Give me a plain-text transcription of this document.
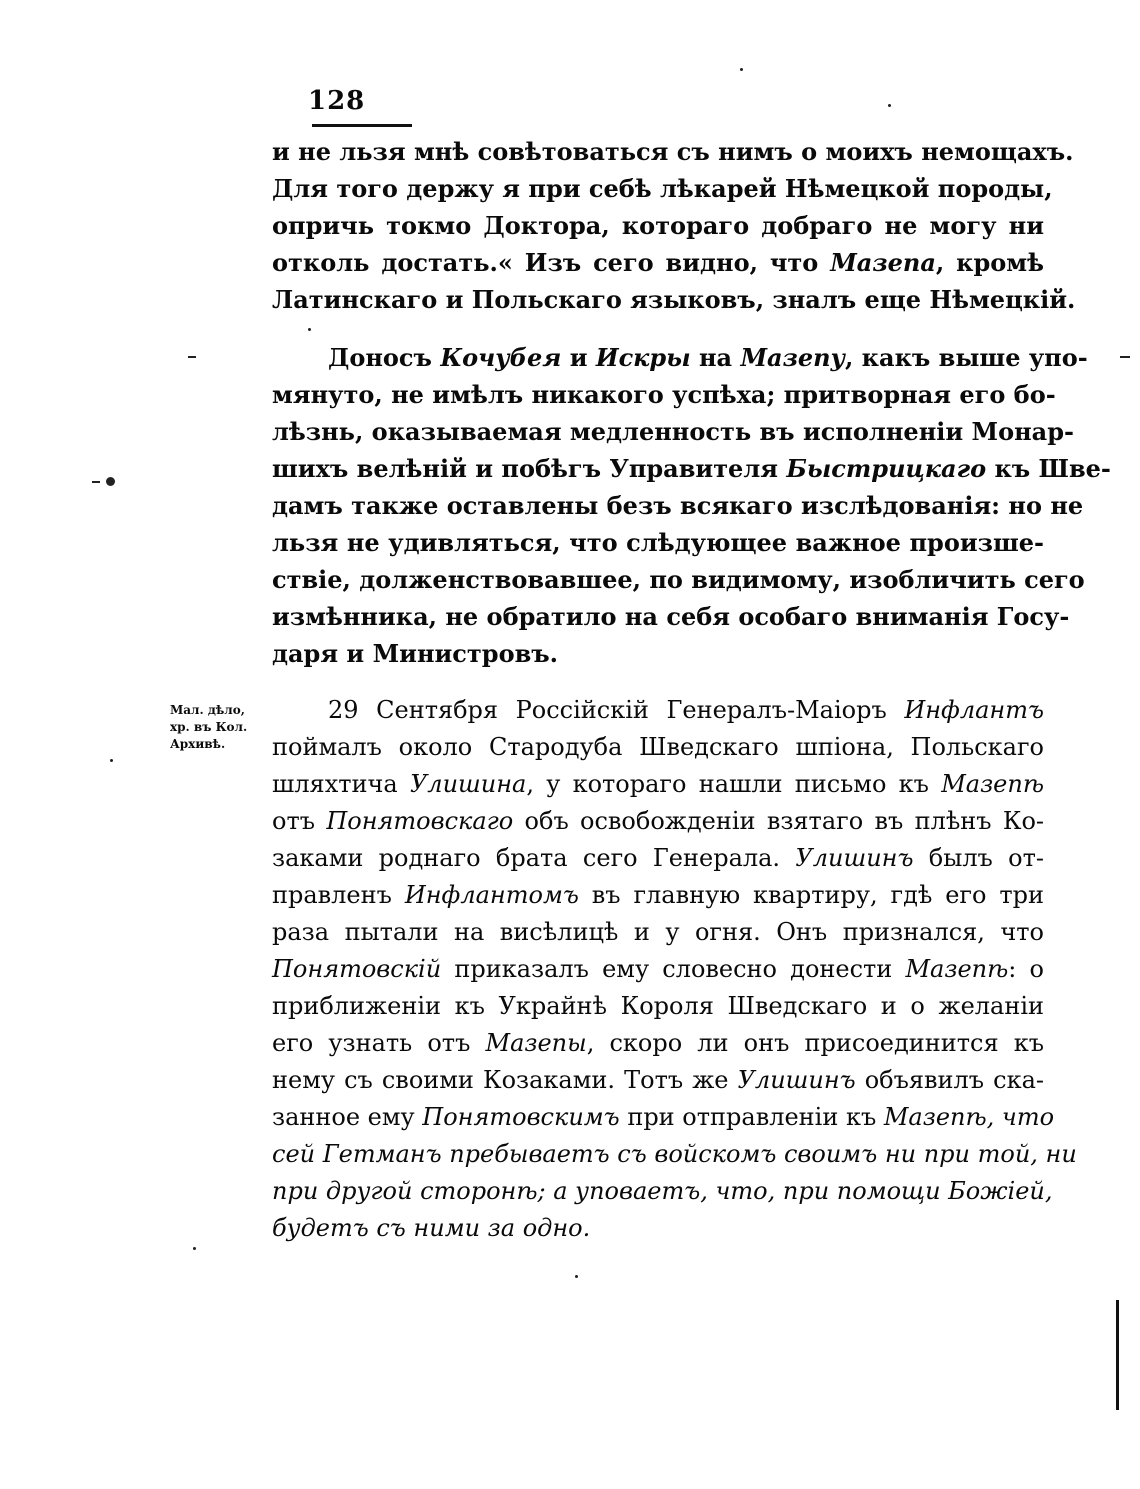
128
и не льзя мнѣ совѣтоваться съ нимъ о моихъ немощахъ.
Для того держу я при себѣ лѣкарей Нѣмецкой породы,
опричь токмо Доктора, котораго добраго не могу ни
отколь достать.« Изъ сего видно, что Мазепа, кромѣ
Латинскаго и Польскаго языковъ, зналъ еще Нѣмецкій.
Доносъ Кочубея и Искры на Мазепу, какъ выше упо-
мянуто, не имѣлъ никакого успѣха; притворная его бо-
лѣзнь, оказываемая медленность въ исполненіи Монар-
шихъ велѣній и побѣгъ Управителя Быстрицкаго къ Шве-
дамъ также оставлены безъ всякаго изслѣдованія: но не
льзя не удивляться, что слѣдующее важное произше-
ствіе, долженствовавшее, по видимому, изобличить сего
измѣнника, не обратило на себя особаго вниманія Госу-
даря и Министровъ.
29 Сентября Россійскій Генералъ-Маіоръ Инфлантъ
поймалъ около Стародуба Шведскаго шпіона, Польскаго
шляхтича Улишина, у котораго нашли письмо къ Мазепѣ
отъ Понятовскаго объ освобожденіи взятаго въ плѣнъ Ко-
заками роднаго брата сего Генерала. Улишинъ былъ от-
правленъ Инфлантомъ въ главную квартиру, гдѣ его три
раза пытали на висѣлицѣ и у огня. Онъ признался, что
Понятовскій приказалъ ему словесно донести Мазепѣ: о
приближеніи къ Украйнѣ Короля Шведскаго и о желаніи
его узнать отъ Мазепы, скоро ли онъ присоединится къ
нему съ своими Козаками. Тотъ же Улишинъ объявилъ ска-
занное ему Понятовскимъ при отправленіи къ Мазепѣ, что
сей Гетманъ пребываетъ съ войскомъ своимъ ни при той, ни
при другой сторонѣ; а уповаетъ, что, при помощи Божіей,
будетъ съ ними за одно.
Мал. дѣло,
хр. въ Кол.
Архивѣ.
